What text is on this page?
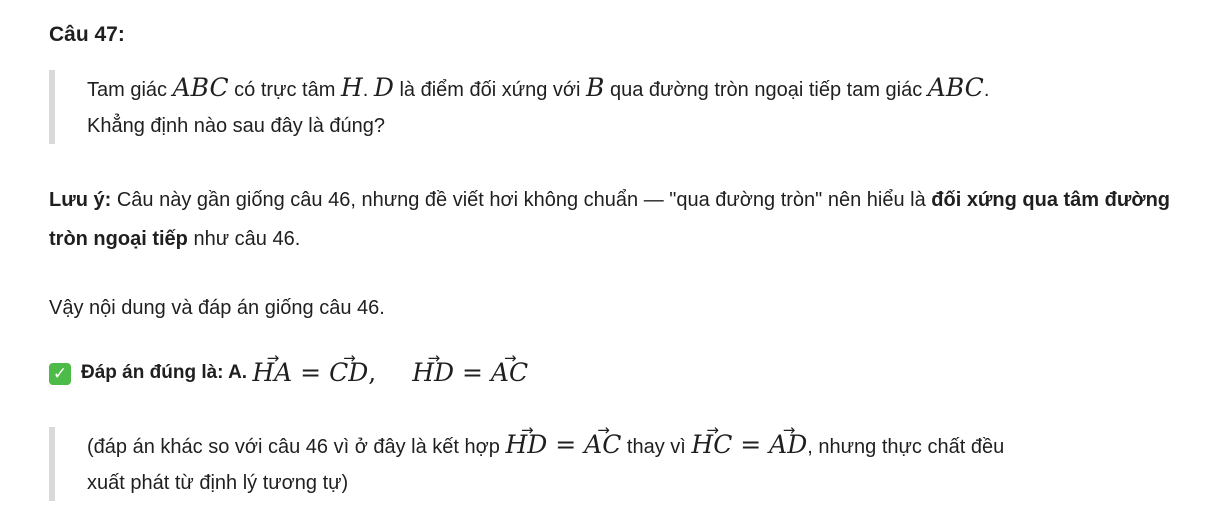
Câu 47:
Tam giác ABC có trực tâm H. D là điểm đối xứng với B qua đường tròn ngoại tiếp tam giác ABC.
Khẳng định nào sau đây là đúng?
Lưu ý: Câu này gần giống câu 46, nhưng đề viết hơi không chuẩn — "qua đường tròn" nên hiểu là đối xứng qua tâm đường tròn ngoại tiếp như câu 46.
Vậy nội dung và đáp án giống câu 46.
✓ Đáp án đúng là: A.
→ HA = → CD, → HD = → AC
(đáp án khác so với câu 46 vì ở đây là kết hợp → HD = → AC thay vì → HC = → AD, nhưng thực chất đều
xuất phát từ định lý tương tự)
